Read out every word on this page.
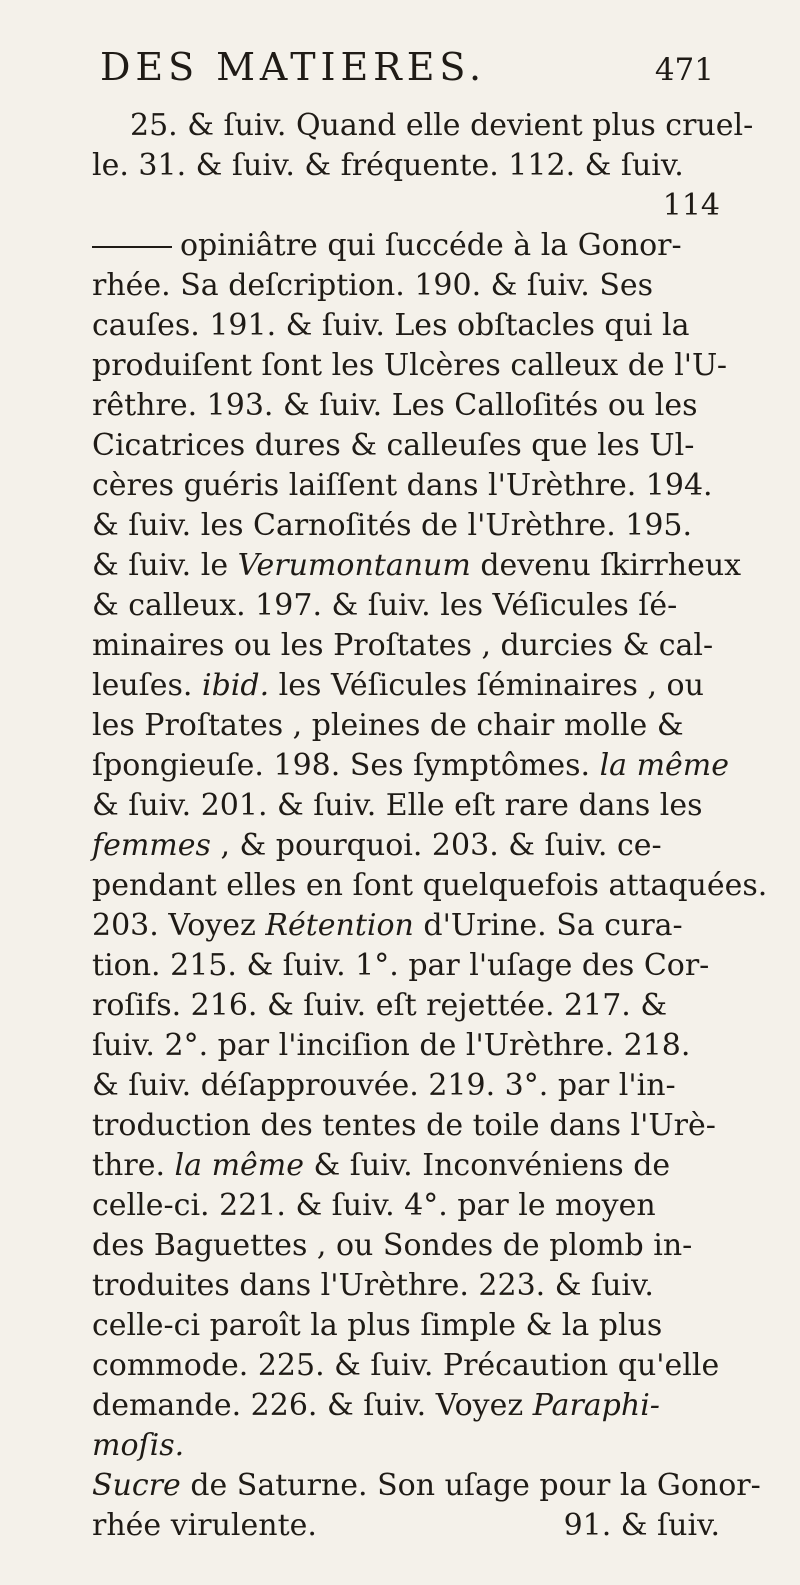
DES MATIERES.	471
25. & ſuiv. Quand elle devient plus cruel-
le. 31. & ſuiv. & fréquente. 112. & ſuiv.
114
opiniâtre qui ſuccéde à la Gonor-
rhée. Sa deſcription. 190. & ſuiv. Ses
cauſes. 191. & ſuiv. Les obſtacles qui la
produiſent ſont les Ulcères calleux de l'U-
rêthre. 193. & ſuiv. Les Calloſités ou les
Cicatrices dures & calleuſes que les Ul-
cères guéris laiſſent dans l'Urèthre. 194.
& ſuiv. les Carnoſités de l'Urèthre. 195.
& ſuiv. le Verumontanum devenu ſkirrheux
& calleux. 197. & ſuiv. les Véſicules ſé-
minaires ou les Proſtates , durcies & cal-
leuſes. ibid. les Véſicules ſéminaires , ou
les Proſtates , pleines de chair molle &
ſpongieuſe. 198. Ses ſymptômes. la même
& ſuiv. 201. & ſuiv. Elle eſt rare dans les
femmes , & pourquoi. 203. & ſuiv. ce-
pendant elles en ſont quelquefois attaquées.
203. Voyez Rétention d'Urine. Sa cura-
tion. 215. & ſuiv. 1°. par l'uſage des Cor-
roſifs. 216. & ſuiv. eſt rejettée. 217. &
ſuiv. 2°. par l'inciſion de l'Urèthre. 218.
& ſuiv. déſapprouvée. 219. 3°. par l'in-
troduction des tentes de toile dans l'Urè-
thre. la même & ſuiv. Inconvéniens de
celle-ci. 221. & ſuiv. 4°. par le moyen
des Baguettes , ou Sondes de plomb in-
troduites dans l'Urèthre. 223. & ſuiv.
celle-ci paroît la plus ſimple & la plus
commode. 225. & ſuiv. Précaution qu'elle
demande. 226. & ſuiv. Voyez Paraphi-
moſis.
Sucre de Saturne. Son uſage pour la Gonor-
rhée virulente.	91. & ſuiv.
